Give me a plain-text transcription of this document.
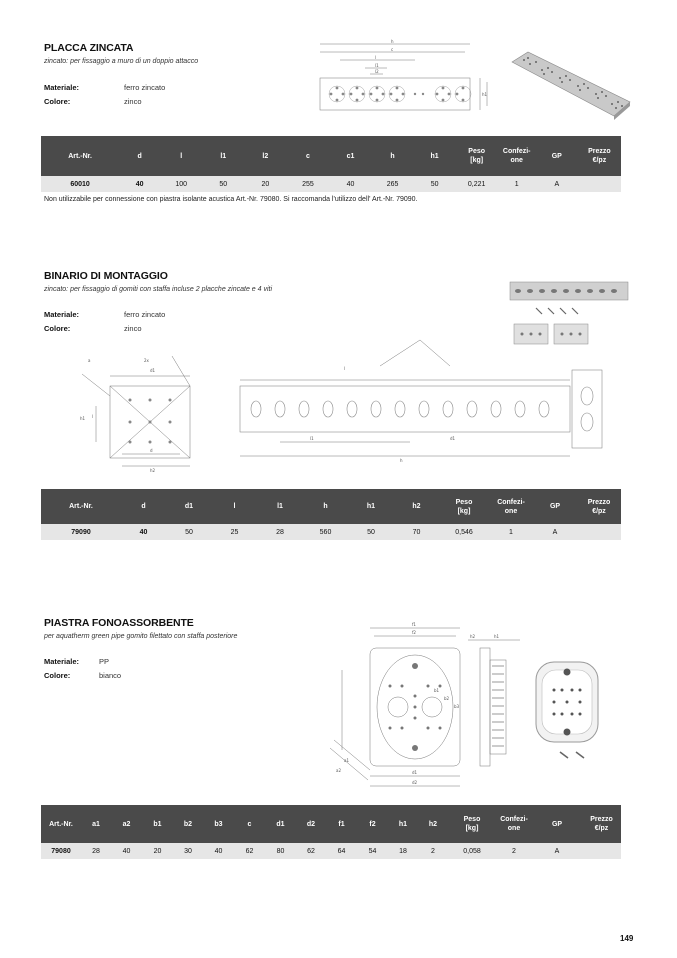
PLACCA ZINCATA
zincato: per fissaggio a muro di un doppio attacco
Materiale:	ferro zincato
Colore:	zinco
h
c
l
l1
l2
h1
Art.-Nr.	d	l	l1	l2	c	c1	h	h1	Peso
[kg]	Confezi-
one	GP	Prezzo
€/pz
60010	40	100	50	20	255	40	265	50	0,221	1	A	
Non utilizzabile per connessione con piastra isolante acustica Art.-Nr. 79080. Si raccomanda l'utilizzo dell' Art.-Nr. 79090.
BINARIO DI MONTAGGIO
zincato: per fissaggio di gomiti con staffa incluse 2 placche zincate e 4 viti
Materiale:	ferro zincato
Colore:	zinco
d1
2x
a
h1 l
d
h2
l1
l
d1
h
Art.-Nr.	d	d1	l	l1	h	h1	h2	Peso
[kg]	Confezi-
one	GP	Prezzo
€/pz
79090	40	50	25	28	560	50	70	0,546	1	A	
PIASTRA FONOASSORBENTE
per aquatherm green pipe gomito filettato con staffa posteriore
Materiale:	PP
Colore:	bianco
f1
f2
h2	h1
b1
b2
b3
a1
a2	d1
d2
Art.-Nr.	a1	a2	b1	b2	b3	c	d1	d2	f1	f2	h1	h2	Peso
[kg]	Confezi-
one	GP	Prezzo
€/pz
79080	28	40	20	30	40	62	80	62	64	54	18	2	0,058	2	A	
149
